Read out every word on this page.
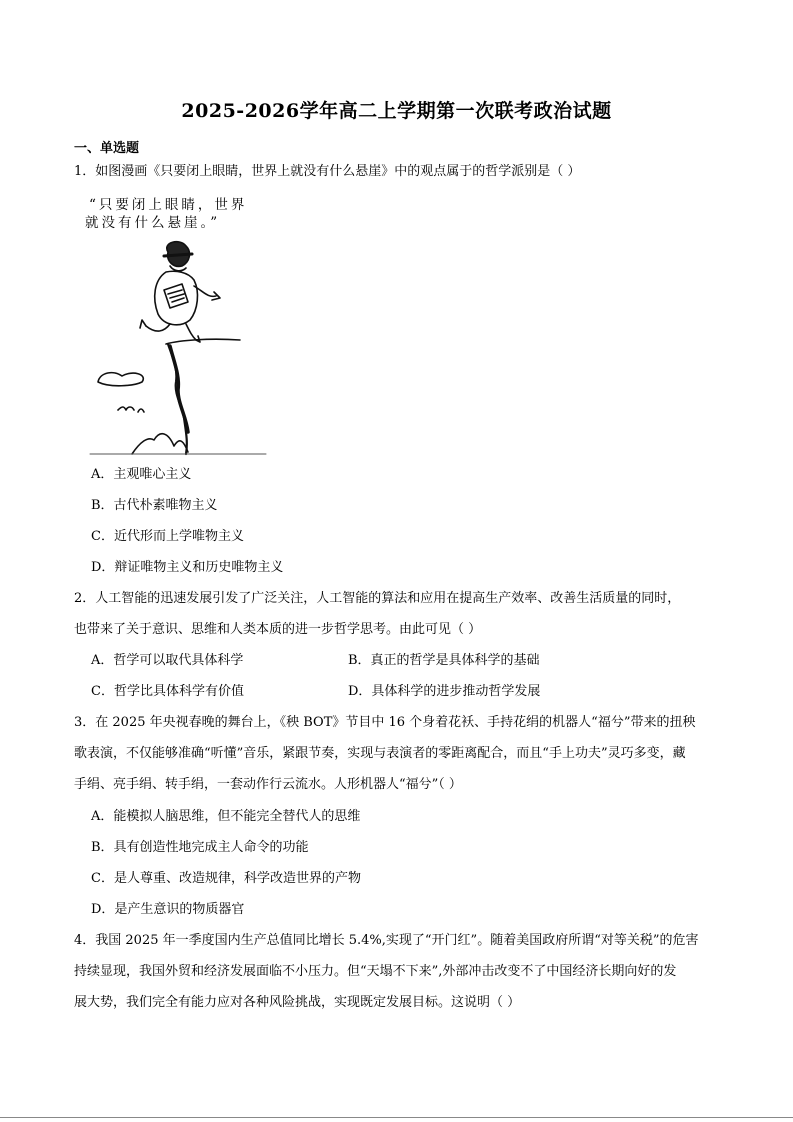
2025-2026学年高二上学期第一次联考政治试题
一、单选题
1．如图漫画《只要闭上眼睛，世界上就没有什么悬崖》中的观点属于的哲学派别是（ ）
“只要闭上眼睛，世界
就没有什么悬崖。”
A．主观唯心主义
B．古代朴素唯物主义
C．近代形而上学唯物主义
D．辩证唯物主义和历史唯物主义
2．人工智能的迅速发展引发了广泛关注，人工智能的算法和应用在提高生产效率、改善生活质量的同时，
也带来了关于意识、思维和人类本质的进一步哲学思考。由此可见（ ）
A．哲学可以取代具体科学	B．真正的哲学是具体科学的基础
C．哲学比具体科学有价值	D．具体科学的进步推动哲学发展
3．在 2025 年央视春晚的舞台上，《秧 BOT》节目中 16 个身着花袄、手持花绢的机器人“福兮”带来的扭秧
歌表演，不仅能够准确“听懂”音乐，紧跟节奏，实现与表演者的零距离配合，而且“手上功夫”灵巧多变，藏
手绢、亮手绢、转手绢，一套动作行云流水。人形机器人“福兮”（ ）
A．能模拟人脑思维，但不能完全替代人的思维
B．具有创造性地完成主人命令的功能
C．是人尊重、改造规律，科学改造世界的产物
D．是产生意识的物质器官
4．我国 2025 年一季度国内生产总值同比增长 5.4%,实现了“开门红”。随着美国政府所谓“对等关税”的危害
持续显现，我国外贸和经济发展面临不小压力。但“天塌不下来”,外部冲击改变不了中国经济长期向好的发
展大势，我们完全有能力应对各种风险挑战，实现既定发展目标。这说明（ ）
